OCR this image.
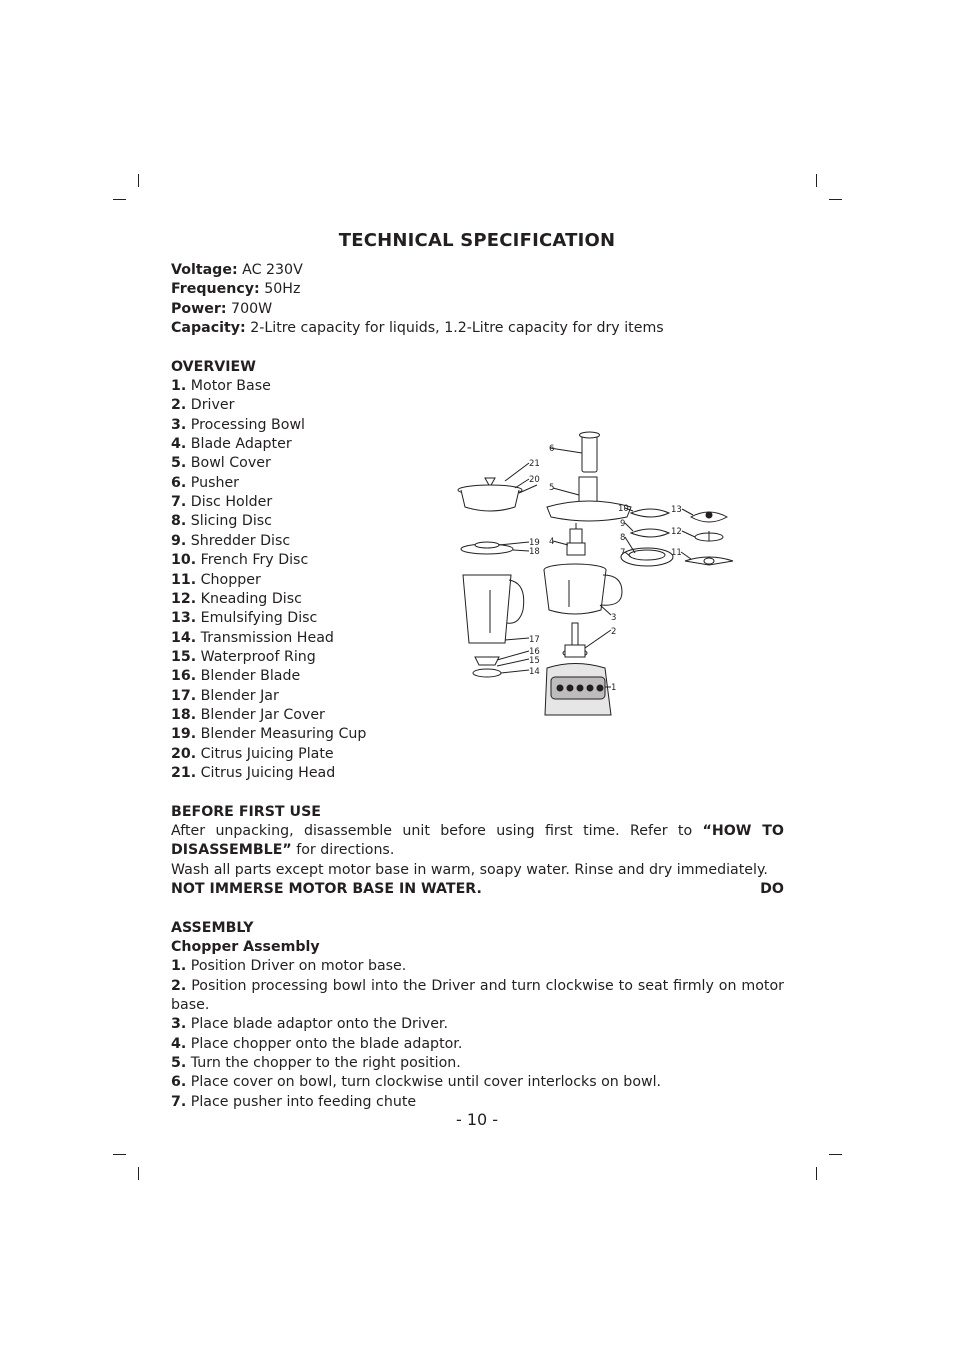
TECHNICAL SPECIFICATION
Voltage: AC 230V
Frequency: 50Hz
Power: 700W
Capacity: 2-Litre capacity for liquids, 1.2-Litre capacity for dry items
OVERVIEW
1. Motor Base
2. Driver
3. Processing Bowl
4. Blade Adapter
5. Bowl Cover
6. Pusher
7. Disc Holder
8. Slicing Disc
9. Shredder Disc
10. French Fry Disc
11. Chopper
12. Kneading Disc
13. Emulsifying Disc
14. Transmission Head
15. Waterproof Ring
16. Blender Blade
17. Blender Jar
18. Blender Jar Cover
19. Blender Measuring Cup
20. Citrus Juicing Plate
21. Citrus Juicing Head
BEFORE FIRST USE
After unpacking, disassemble unit before using first time. Refer to “HOW TO
DISASSEMBLE” for directions.
Wash all parts except motor base in warm, soapy water. Rinse and dry immediately.
DO
NOT IMMERSE MOTOR BASE IN WATER.
ASSEMBLY
Chopper Assembly
1. Position Driver on motor base.
2. Position processing bowl into the Driver and turn clockwise to seat firmly on motor base.
3. Place blade adaptor onto the Driver.
4. Place chopper onto the blade adaptor.
5. Turn the chopper to the right position.
6. Place cover on bowl, turn clockwise until cover interlocks on bowl.
7. Place pusher into feeding chute
6
5
4
3
2
1
21
20
19
18
17
16
15
14
10
9
8
7
13
12
11
- 10 -
